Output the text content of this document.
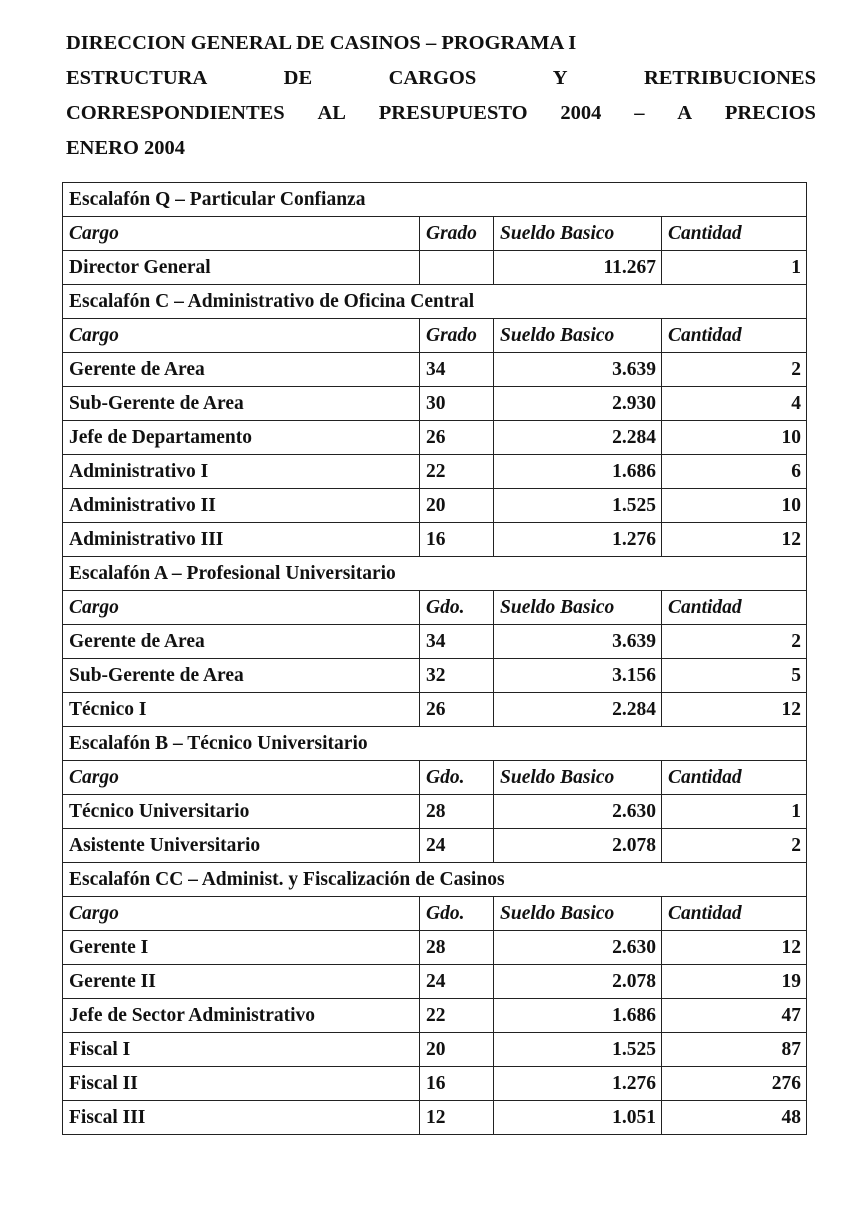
DIRECCION GENERAL DE CASINOS – PROGRAMA I
ESTRUCTURA	DE	CARGOS	Y	RETRIBUCIONES
CORRESPONDIENTES AL PRESUPUESTO 2004 – A PRECIOS
ENERO 2004
Escalafón Q – Particular Confianza			
Cargo	Grado	Sueldo Basico	Cantidad
Director General		11.267	1
Escalafón C – Administrativo de Oficina Central			
Cargo	Grado	Sueldo Basico	Cantidad
Gerente de Area	34	3.639	2
Sub-Gerente de Area	30	2.930	4
Jefe de Departamento	26	2.284	10
Administrativo I	22	1.686	6
Administrativo II	20	1.525	10
Administrativo III	16	1.276	12
Escalafón A – Profesional Universitario			
Cargo	Gdo.	Sueldo Basico	Cantidad
Gerente de Area	34	3.639	2
Sub-Gerente de Area	32	3.156	5
Técnico I	26	2.284	12
Escalafón B – Técnico Universitario			
Cargo	Gdo.	Sueldo Basico	Cantidad
Técnico Universitario	28	2.630	1
Asistente Universitario	24	2.078	2
Escalafón CC – Administ. y Fiscalización de Casinos			
Cargo	Gdo.	Sueldo Basico	Cantidad
Gerente I	28	2.630	12
Gerente II	24	2.078	19
Jefe de Sector Administrativo	22	1.686	47
Fiscal I	20	1.525	87
Fiscal II	16	1.276	276
Fiscal III	12	1.051	48
